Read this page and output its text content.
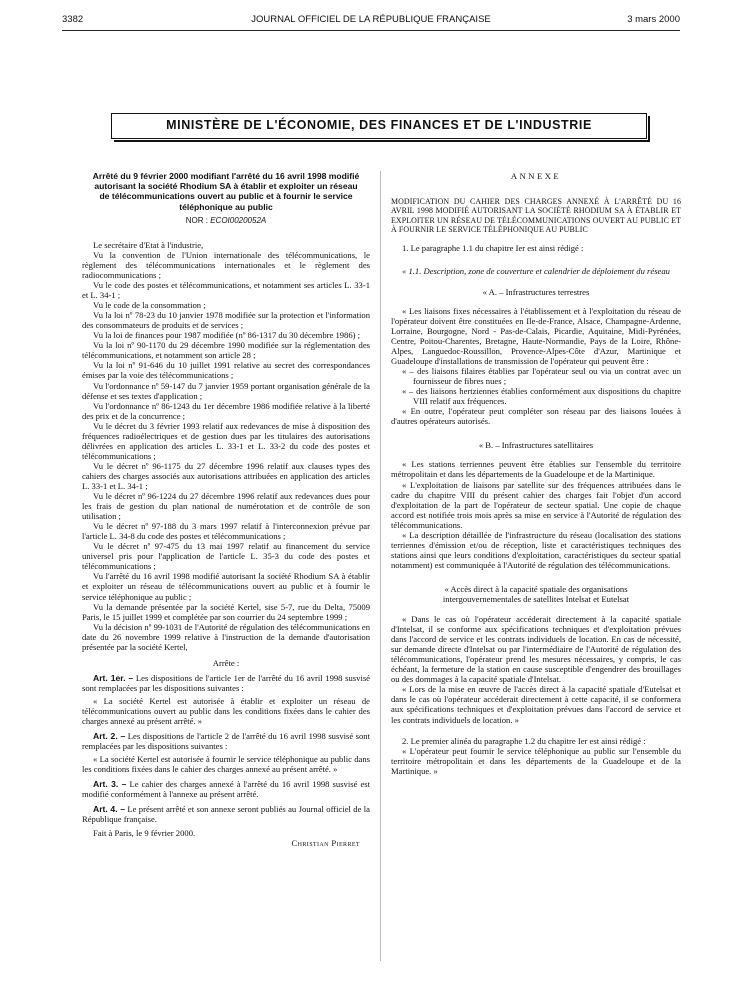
3382	JOURNAL OFFICIEL DE LA RÉPUBLIQUE FRANÇAISE	3 mars 2000
MINISTÈRE DE L'ÉCONOMIE, DES FINANCES ET DE L'INDUSTRIE
Arrêté du 9 février 2000 modifiant l'arrêté du 16 avril 1998 modifié autorisant la société Rhodium SA à établir et exploiter un réseau de télécommunications ouvert au public et à fournir le service téléphonique au public
NOR : ECOI0020052A

Le secrétaire d'Etat à l'industrie,

Vu la convention de l'Union internationale des télécommunications, le règlement des télécommunications internationales et le règlement des radiocommunications ;

Vu le code des postes et télécommunications, et notamment ses articles L. 33-1 et L. 34-1 ;

Vu le code de la consommation ;

Vu la loi nº 78-23 du 10 janvier 1978 modifiée sur la protection et l'information des consommateurs de produits et de services ;

Vu la loi de finances pour 1987 modifiée (nº 86-1317 du 30 décembre 1986) ;

Vu la loi nº 90-1170 du 29 décembre 1990 modifiée sur la réglementation des télécommunications, et notamment son article 28 ;

Vu la loi nº 91-646 du 10 juillet 1991 relative au secret des correspondances émises par la voie des télécommunications ;

Vu l'ordonnance nº 59-147 du 7 janvier 1959 portant organisation générale de la défense et ses textes d'application ;

Vu l'ordonnance nº 86-1243 du 1er décembre 1986 modifiée relative à la liberté des prix et de la concurrence ;

Vu le décret du 3 février 1993 relatif aux redevances de mise à disposition des fréquences radioélectriques et de gestion dues par les titulaires des autorisations délivrées en application des articles L. 33-1 et L. 33-2 du code des postes et télécommunications ;

Vu le décret nº 96-1175 du 27 décembre 1996 relatif aux clauses types des cahiers des charges associés aux autorisations attribuées en application des articles L. 33-1 et L. 34-1 ;

Vu le décret nº 96-1224 du 27 décembre 1996 relatif aux redevances dues pour les frais de gestion du plan national de numérotation et de contrôle de son utilisation ;

Vu le décret nº 97-188 du 3 mars 1997 relatif à l'interconnexion prévue par l'article L. 34-8 du code des postes et télécommunications ;

Vu le décret nº 97-475 du 13 mai 1997 relatif au financement du service universel pris pour l'application de l'article L. 35-3 du code des postes et télécommunications ;

Vu l'arrêté du 16 avril 1998 modifié autorisant la société Rhodium SA à établir et exploiter un réseau de télécommunications ouvert au public et à fournir le service téléphonique au public ;

Vu la demande présentée par la société Kertel, sise 5-7, rue du Delta, 75009 Paris, le 15 juillet 1999 et complétée par son courrier du 24 septembre 1999 ;

Vu la décision nº 99-1031 de l'Autorité de régulation des télécommunications en date du 26 novembre 1999 relative à l'instruction de la demande d'autorisation présentée par la société Kertel,

Arrête :

Art. 1er. – Les dispositions de l'article 1er de l'arrêté du 16 avril 1998 susvisé sont remplacées par les dispositions suivantes :

« La société Kertel est autorisée à établir et exploiter un réseau de télécommunications ouvert au public dans les conditions fixées dans le cahier des charges annexé au présent arrêté. »

Art. 2. – Les dispositions de l'article 2 de l'arrêté du 16 avril 1998 susvisé sont remplacées par les dispositions suivantes :

« La société Kertel est autorisée à fournir le service téléphonique au public dans les conditions fixées dans le cahier des charges annexé au présent arrêté. »

Art. 3. – Le cahier des charges annexé à l'arrêté du 16 avril 1998 susvisé est modifié conformément à l'annexe au présent arrêté.

Art. 4. – Le présent arrêté et son annexe seront publiés au Journal officiel de la République française.

Fait à Paris, le 9 février 2000.

Christian Pierret
ANNEXE
MODIFICATION DU CAHIER DES CHARGES ANNEXÉ À L'ARRÊTÉ DU 16 AVRIL 1998 MODIFIÉ AUTORISANT LA SOCIÉTÉ RHODIUM SA À ÉTABLIR ET EXPLOITER UN RÉSEAU DE TÉLÉCOMMUNICATIONS OUVERT AU PUBLIC ET À FOURNIR LE SERVICE TÉLÉPHONIQUE AU PUBLIC

1. Le paragraphe 1.1 du chapitre Ier est ainsi rédigé :

« 1.1. Description, zone de couverture et calendrier de déploiement du réseau
« A. – Infrastructures terrestres

« Les liaisons fixes nécessaires à l'établissement et à l'exploitation du réseau de l'opérateur doivent être constituées en Ile-de-France, Alsace, Champagne-Ardenne, Lorraine, Bourgogne, Nord - Pas-de-Calais, Picardie, Aquitaine, Midi-Pyrénées, Centre, Poitou-Charentes, Bretagne, Haute-Normandie, Pays de la Loire, Rhône-Alpes, Languedoc-Roussillon, Provence-Alpes-Côte d'Azur, Martinique et Guadeloupe d'installations de transmission de l'opérateur qui peuvent être :

« – des liaisons filaires établies par l'opérateur seul ou via un contrat avec un fournisseur de fibres nues ;

« – des liaisons hertziennes établies conformément aux dispositions du chapitre VIII relatif aux fréquences.

« En outre, l'opérateur peut compléter son réseau par des liaisons louées à d'autres opérateurs autorisés.

« B. – Infrastructures satellitaires

« Les stations terriennes peuvent être établies sur l'ensemble du territoire métropolitain et dans les départements de la Guadeloupe et de la Martinique.

« L'exploitation de liaisons par satellite sur des fréquences attribuées dans le cadre du chapitre VIII du présent cahier des charges fait l'objet d'un accord d'exploitation de la part de l'opérateur de secteur spatial. Une copie de chaque accord est notifiée trois mois après sa mise en service à l'Autorité de régulation des télécommunications.

« La description détaillée de l'infrastructure du réseau (localisation des stations terriennes d'émission et/ou de réception, liste et caractéristiques techniques des stations ainsi que leurs conditions d'exploitation, caractéristiques du secteur spatial notamment) est communiquée à l'Autorité de régulation des télécommunications.

« Accès direct à la capacité spatiale des organisations intergouvernementales de satellites Intelsat et Eutelsat

« Dans le cas où l'opérateur accéderait directement à la capacité spatiale d'Intelsat, il se conforme aux spécifications techniques et d'exploitation prévues dans l'accord de service et les contrats individuels de location. En cas de nécessité, sur demande directe d'Intelsat ou par l'intermédiaire de l'Autorité de régulation des télécommunications, l'opérateur prend les mesures nécessaires, y compris, le cas échéant, la fermeture de la station en cause susceptible d'engendrer des brouillages ou des dommages à la capacité spatiale d'Intelsat.

« Lors de la mise en œuvre de l'accès direct à la capacité spatiale d'Eutelsat et dans le cas où l'opérateur accéderait directement à cette capacité, il se conformera aux spécifications techniques et d'exploitation prévues dans l'accord de service et les contrats individuels de location. »

2. Le premier alinéa du paragraphe 1.2 du chapitre Ier est ainsi rédigé :

« L'opérateur peut fournir le service téléphonique au public sur l'ensemble du territoire métropolitain et dans les départements de la Guadeloupe et de la Martinique. »
